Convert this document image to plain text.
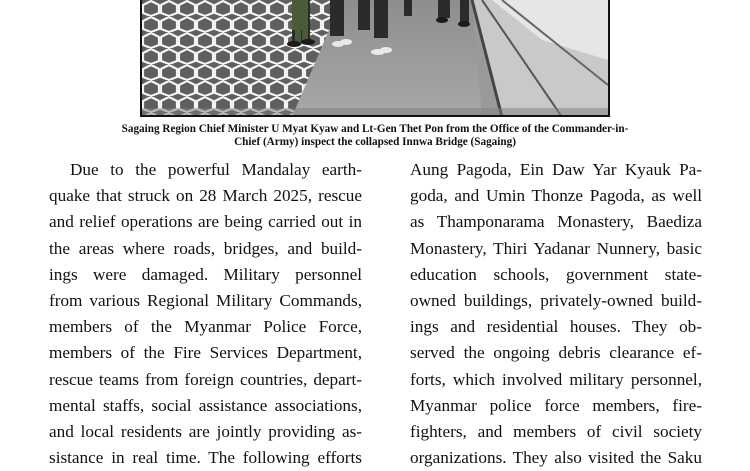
Sagaing Region Chief Minister U Myat Kyaw and Lt-Gen Thet Pon from the Office of the Commander-in-
Chief (Army) inspect the collapsed Innwa Bridge (Sagaing)
Due to the powerful Mandalay earth-
quake that struck on 28 March 2025, rescue
and relief operations are being carried out in
the areas where roads, bridges, and build-
ings were damaged. Military personnel
from various Regional Military Commands,
members of the Myanmar Police Force,
members of the Fire Services Department,
rescue teams from foreign countries, depart-
mental staffs, social assistance associations,
and local residents are jointly providing as-
sistance in real time. The following efforts
Aung Pagoda, Ein Daw Yar Kyauk Pa-
goda, and Umin Thonze Pagoda, as well
as Thamponarama Monastery, Baediza
Monastery, Thiri Yadanar Nunnery, basic
education schools, government state-
owned buildings, privately-owned build-
ings and residential houses. They ob-
served the ongoing debris clearance ef-
forts, which involved military personnel,
Myanmar police force members, fire-
fighters, and members of civil society
organizations. They also visited the Saku
